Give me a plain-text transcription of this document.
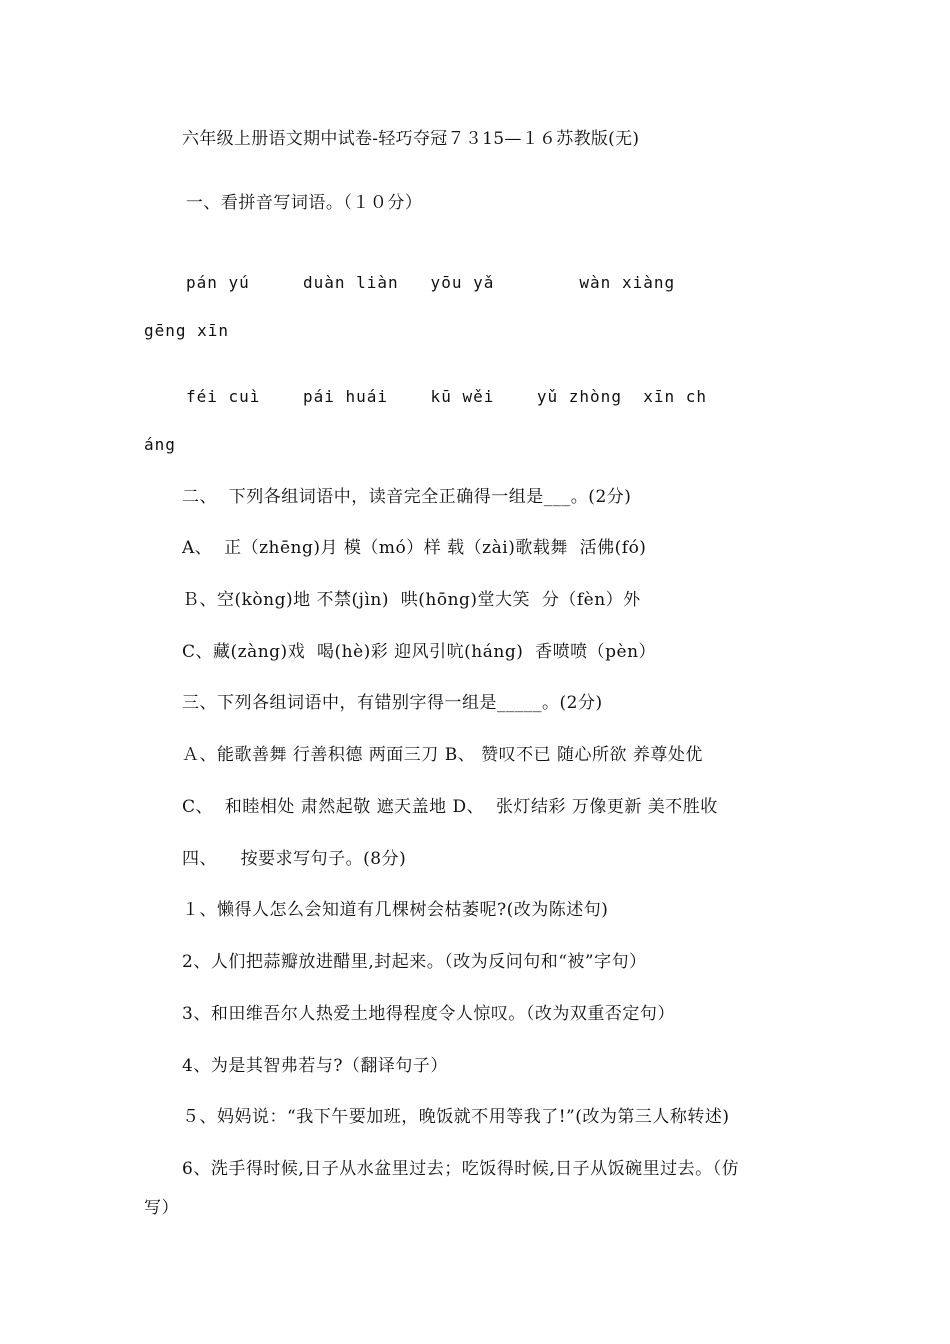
六年级上册语文期中试卷-轻巧夺冠７３15—１６苏教版(无)
一、看拼音写词语。（１０分）
pán yú     duàn liàn   yōu yǎ        wàn xiàng
gēng xīn
féi cuì    pái huái    kū wěi    yǔ zhòng  xīn ch
áng
二、  下列各组词语中，读音完全正确得一组是___。(2分)
A、  正（zhēng)月 模（mó）样 载（zài)歌载舞  活佛(fó)
Ｂ、空(kòng)地 不禁(jìn)  哄(hōng)堂大笑  分（fèn）外
C、藏(zàng)戏  喝(hè)彩 迎风引吭(háng)  香喷喷（pèn）
三、下列各组词语中，有错别字得一组是_____。(2分)
Ａ、能歌善舞 行善积德 两面三刀 B、 赞叹不已 随心所欲 养尊处优
C、  和睦相处 肃然起敬 遮天盖地 D、  张灯结彩 万像更新 美不胜收
四、    按要求写句子。(8分)
１、懒得人怎么会知道有几棵树会枯萎呢?(改为陈述句)
2、人们把蒜瓣放进醋里,封起来。（改为反问句和“被”字句）
3、和田维吾尔人热爱土地得程度令人惊叹。（改为双重否定句）
4、为是其智弗若与?（翻译句子）
５、妈妈说：“我下午要加班，晚饭就不用等我了!”(改为第三人称转述)
6、洗手得时候,日子从水盆里过去；吃饭得时候,日子从饭碗里过去。（仿
写）
